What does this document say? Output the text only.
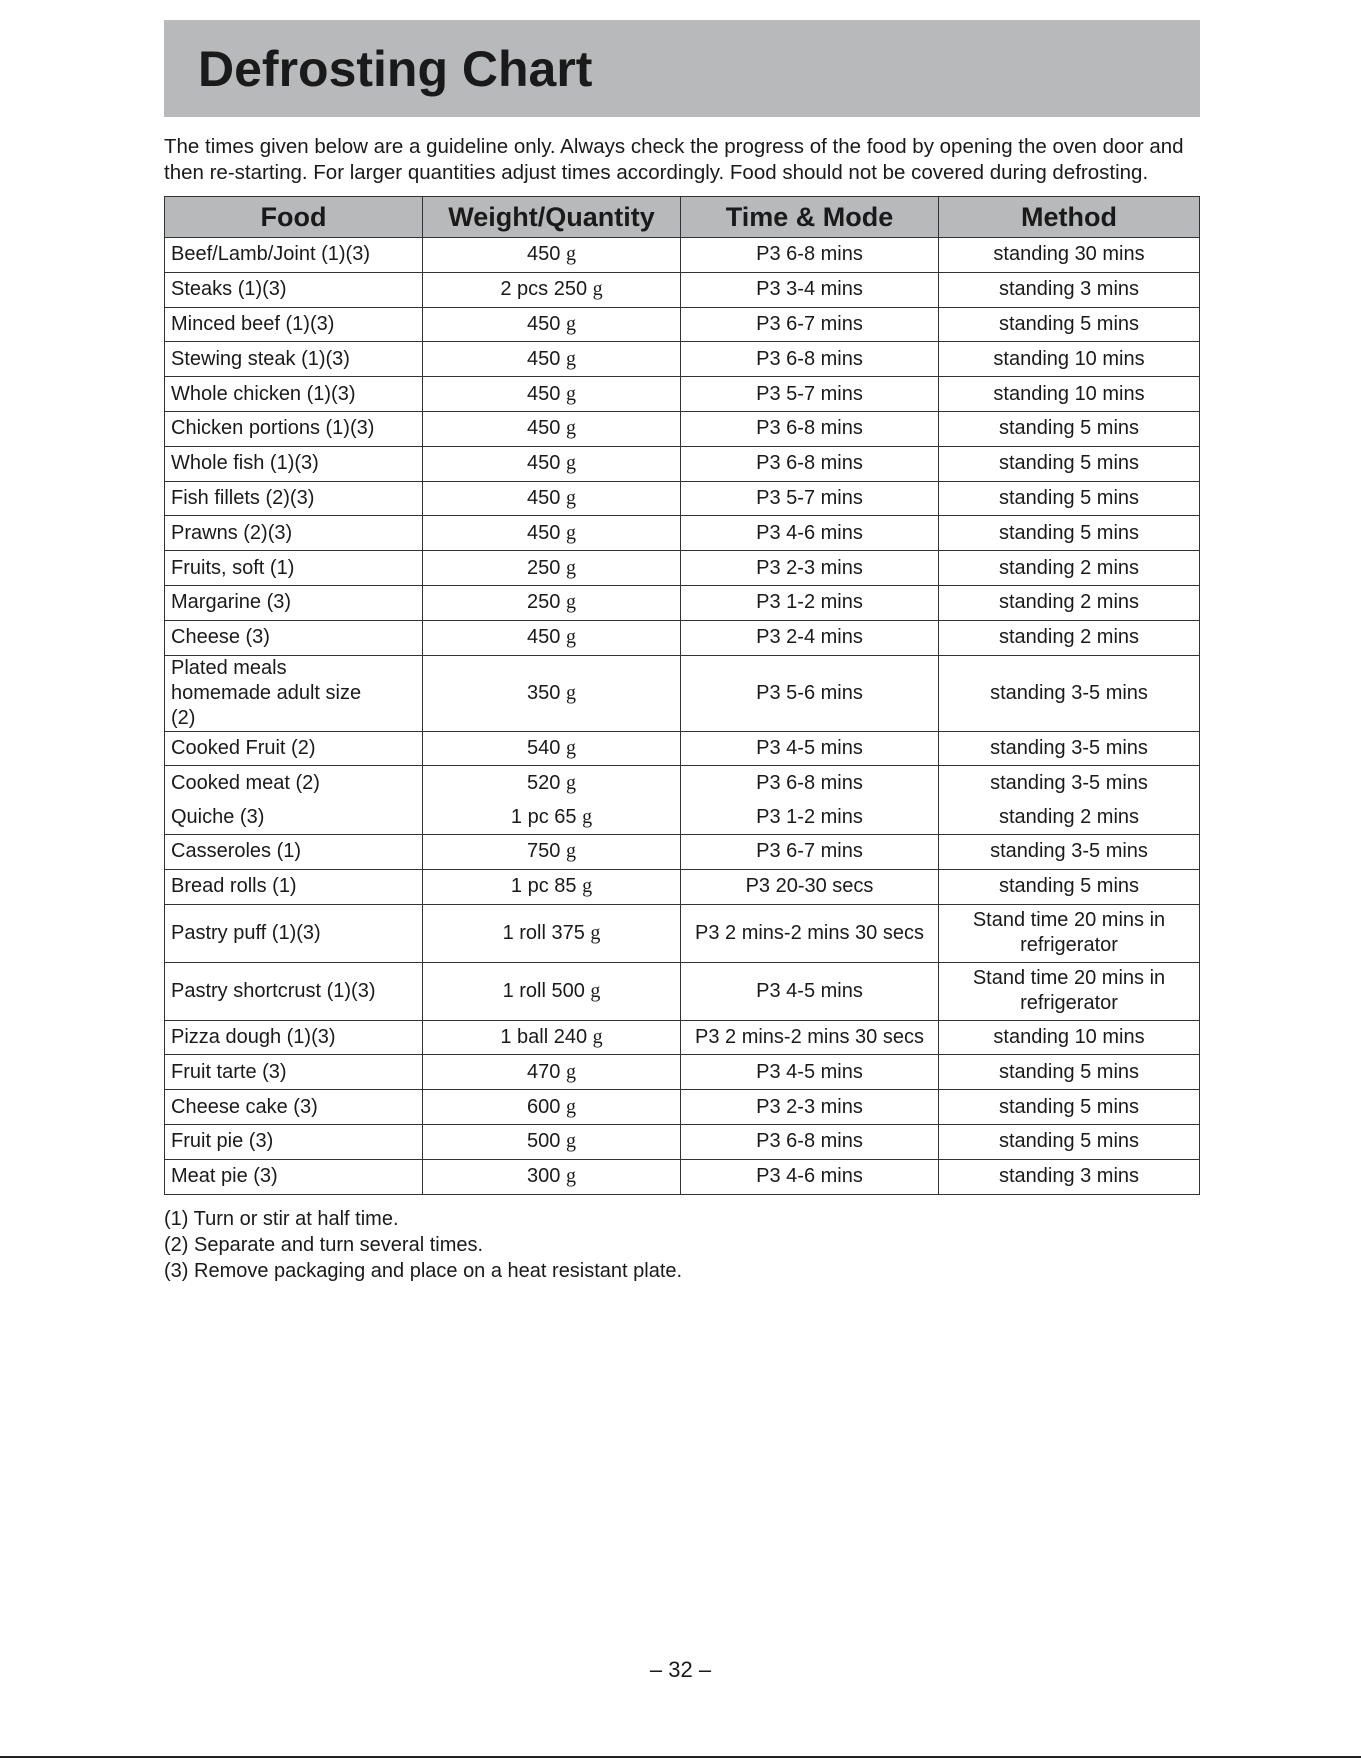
Defrosting Chart

The times given below are a guideline only. Always check the progress of the food by opening the oven door and then re-starting. For larger quantities adjust times accordingly. Food should not be covered during defrosting.

Food	Weight/Quantity	Time & Mode	Method
Beef/Lamb/Joint (1)(3)	450 g	P3 6-8 mins	standing 30 mins
Steaks (1)(3)	2 pcs 250 g	P3 3-4 mins	standing 3 mins
Minced beef (1)(3)	450 g	P3 6-7 mins	standing 5 mins
Stewing steak (1)(3)	450 g	P3 6-8 mins	standing 10 mins
Whole chicken (1)(3)	450 g	P3 5-7 mins	standing 10 mins
Chicken portions (1)(3)	450 g	P3 6-8 mins	standing 5 mins
Whole fish (1)(3)	450 g	P3 6-8 mins	standing 5 mins
Fish fillets (2)(3)	450 g	P3 5-7 mins	standing 5 mins
Prawns (2)(3)	450 g	P3 4-6 mins	standing 5 mins
Fruits, soft (1)	250 g	P3 2-3 mins	standing 2 mins
Margarine (3)	250 g	P3 1-2 mins	standing 2 mins
Cheese (3)	450 g	P3 2-4 mins	standing 2 mins
Plated meals homemade adult size (2)	350 g	P3 5-6 mins	standing 3-5 mins
Cooked Fruit (2)	540 g	P3 4-5 mins	standing 3-5 mins
Cooked meat (2)	520 g	P3 6-8 mins	standing 3-5 mins
Quiche (3)	1 pc 65 g	P3 1-2 mins	standing 2 mins
Casseroles (1)	750 g	P3 6-7 mins	standing 3-5 mins
Bread rolls (1)	1 pc 85 g	P3 20-30 secs	standing 5 mins
Pastry puff (1)(3)	1 roll 375 g	P3 2 mins-2 mins 30 secs	Stand time 20 mins in refrigerator
Pastry shortcrust (1)(3)	1 roll 500 g	P3 4-5 mins	Stand time 20 mins in refrigerator
Pizza dough (1)(3)	1 ball 240 g	P3 2 mins-2 mins 30 secs	standing 10 mins
Fruit tarte (3)	470 g	P3 4-5 mins	standing 5 mins
Cheese cake (3)	600 g	P3 2-3 mins	standing 5 mins
Fruit pie (3)	500 g	P3 6-8 mins	standing 5 mins
Meat pie (3)	300 g	P3 4-6 mins	standing 3 mins
(1) Turn or stir at half time.
(2) Separate and turn several times.
(3) Remove packaging and place on a heat resistant plate.
– 32 –
